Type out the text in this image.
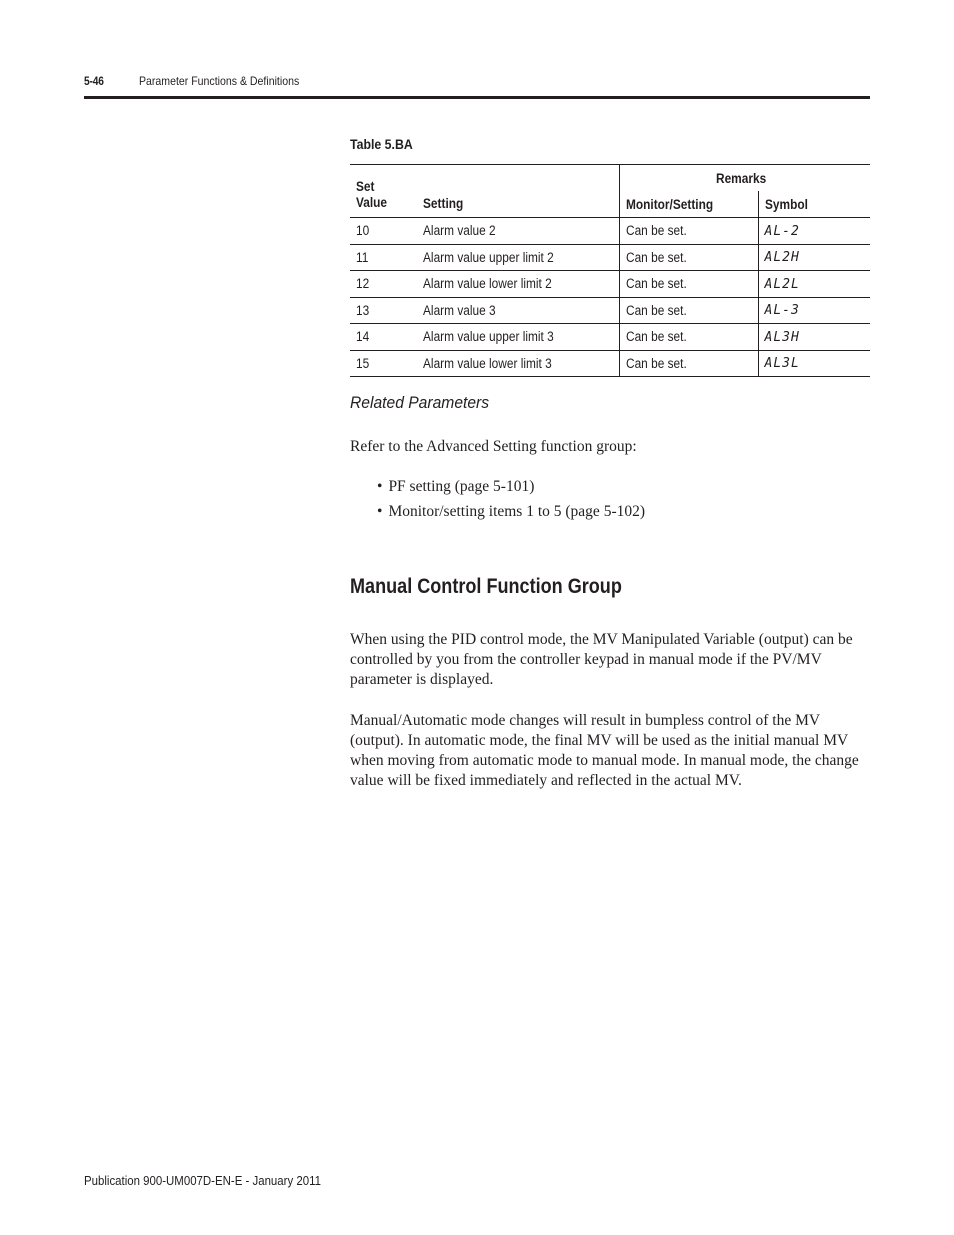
5-46	Parameter Functions & Definitions
Table 5.BA
Set Value	Setting	Remarks	
		Monitor/Setting	Symbol
10	Alarm value 2	Can be set.	AL-2
11	Alarm value upper limit 2	Can be set.	AL2H
12	Alarm value lower limit 2	Can be set.	AL2L
13	Alarm value 3	Can be set.	AL-3
14	Alarm value upper limit 3	Can be set.	AL3H
15	Alarm value lower limit 3	Can be set.	AL3L
Related Parameters
Refer to the Advanced Setting function group:
• PF setting (page 5-101)
• Monitor/setting items 1 to 5 (page 5-102)
Manual Control Function Group

When using the PID control mode, the MV Manipulated Variable (output) can be controlled by you from the controller keypad in manual mode if the PV/MV parameter is displayed.

Manual/Automatic mode changes will result in bumpless control of the MV (output). In automatic mode, the final MV will be used as the initial manual MV when moving from automatic mode to manual mode. In manual mode, the change value will be fixed immediately and reflected in the actual MV.

Publication 900-UM007D-EN-E - January 2011
